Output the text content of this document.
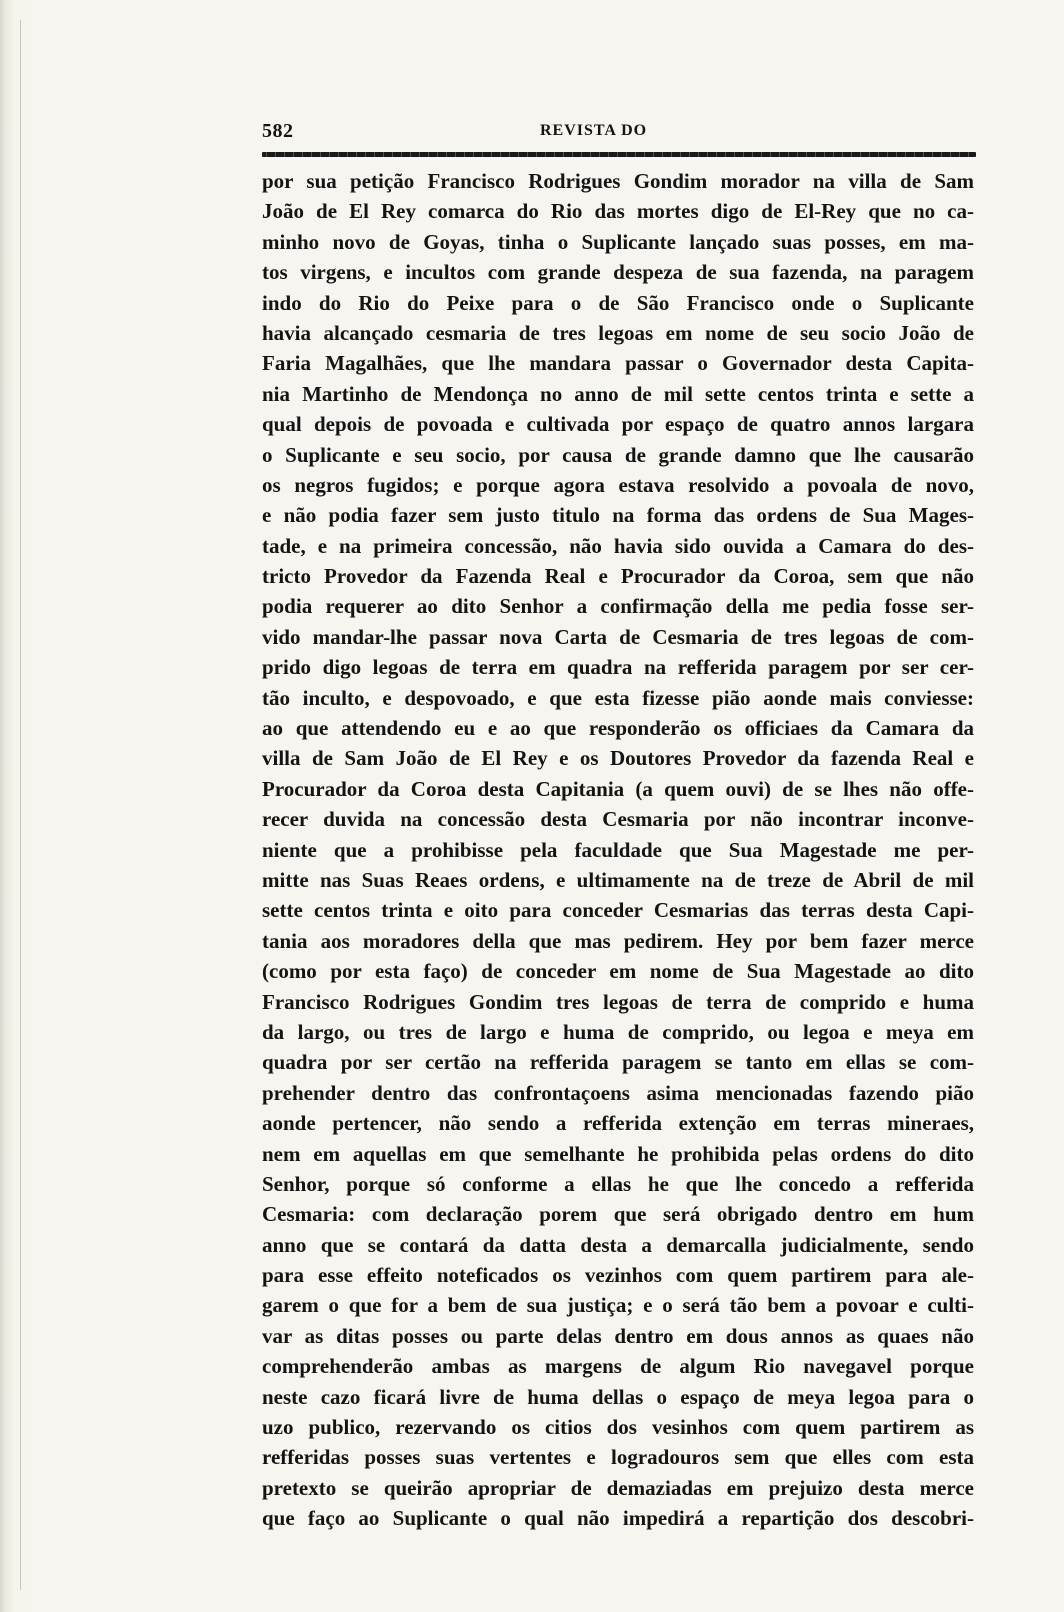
582	REVISTA DO
por sua petição Francisco Rodrigues Gondim morador na villa de Sam
João de El Rey comarca do Rio das mortes digo de El-Rey que no ca-
minho novo de Goyas, tinha o Suplicante lançado suas posses, em ma-
tos virgens, e incultos com grande despeza de sua fazenda, na paragem
indo do Rio do Peixe para o de São Francisco onde o Suplicante
havia alcançado cesmaria de tres legoas em nome de seu socio João de
Faria Magalhães, que lhe mandara passar o Governador desta Capita-
nia Martinho de Mendonça no anno de mil sette centos trinta e sette a
qual depois de povoada e cultivada por espaço de quatro annos largara
o Suplicante e seu socio, por causa de grande damno que lhe causarão
os negros fugidos; e porque agora estava resolvido a povoala de novo,
e não podia fazer sem justo titulo na forma das ordens de Sua Mages-
tade, e na primeira concessão, não havia sido ouvida a Camara do des-
tricto Provedor da Fazenda Real e Procurador da Coroa, sem que não
podia requerer ao dito Senhor a confirmação della me pedia fosse ser-
vido mandar-lhe passar nova Carta de Cesmaria de tres legoas de com-
prido digo legoas de terra em quadra na refferida paragem por ser cer-
tão inculto, e despovoado, e que esta fizesse pião aonde mais conviesse:
ao que attendendo eu e ao que responderão os officiaes da Camara da
villa de Sam João de El Rey e os Doutores Provedor da fazenda Real e
Procurador da Coroa desta Capitania (a quem ouvi) de se lhes não offe-
recer duvida na concessão desta Cesmaria por não incontrar inconve-
niente que a prohibisse pela faculdade que Sua Magestade me per-
mitte nas Suas Reaes ordens, e ultimamente na de treze de Abril de mil
sette centos trinta e oito para conceder Cesmarias das terras desta Capi-
tania aos moradores della que mas pedirem. Hey por bem fazer merce
(como por esta faço) de conceder em nome de Sua Magestade ao dito
Francisco Rodrigues Gondim tres legoas de terra de comprido e huma
da largo, ou tres de largo e huma de comprido, ou legoa e meya em
quadra por ser certão na refferida paragem se tanto em ellas se com-
prehender dentro das confrontaçoens asima mencionadas fazendo pião
aonde pertencer, não sendo a refferida extenção em terras mineraes,
nem em aquellas em que semelhante he prohibida pelas ordens do dito
Senhor, porque só conforme a ellas he que lhe concedo a refferida
Cesmaria: com declaração porem que será obrigado dentro em hum
anno que se contará da datta desta a demarcalla judicialmente, sendo
para esse effeito noteficados os vezinhos com quem partirem para ale-
garem o que for a bem de sua justiça; e o será tão bem a povoar e culti-
var as ditas posses ou parte delas dentro em dous annos as quaes não
comprehenderão ambas as margens de algum Rio navegavel porque
neste cazo ficará livre de huma dellas o espaço de meya legoa para o
uzo publico, rezervando os citios dos vesinhos com quem partirem as
refferidas posses suas vertentes e logradouros sem que elles com esta
pretexto se queirão apropriar de demaziadas em prejuizo desta merce
que faço ao Suplicante o qual não impedirá a repartição dos descobri-
